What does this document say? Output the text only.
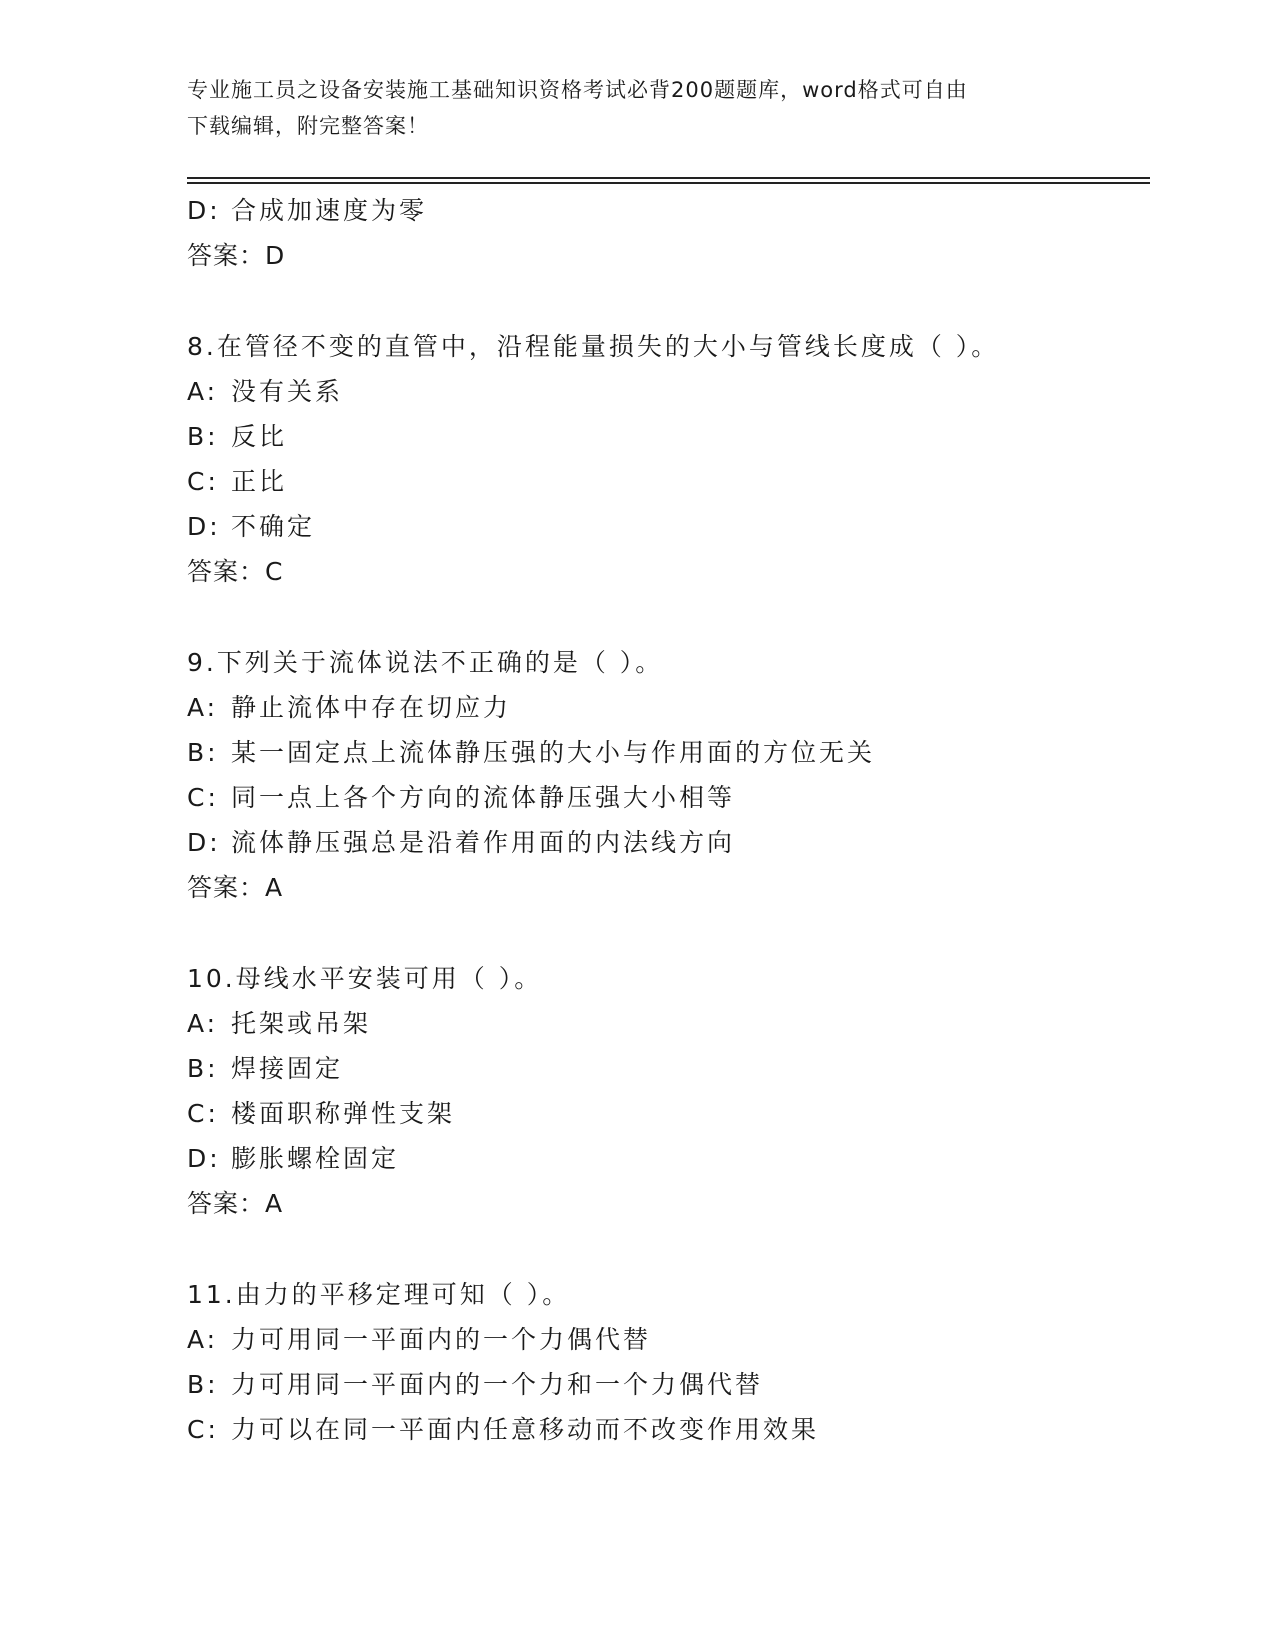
专业施工员之设备安装施工基础知识资格考试必背200题题库，word格式可自由
下载编辑，附完整答案！
D: 合成加速度为零
答案：D
8.在管径不变的直管中，沿程能量损失的大小与管线长度成（ ）。
A: 没有关系
B: 反比
C: 正比
D: 不确定
答案：C
9.下列关于流体说法不正确的是（ ）。
A: 静止流体中存在切应力
B: 某一固定点上流体静压强的大小与作用面的方位无关
C: 同一点上各个方向的流体静压强大小相等
D: 流体静压强总是沿着作用面的内法线方向
答案：A
10.母线水平安装可用（ ）。
A: 托架或吊架
B: 焊接固定
C: 楼面职称弹性支架
D: 膨胀螺栓固定
答案：A
11.由力的平移定理可知（ ）。
A: 力可用同一平面内的一个力偶代替
B: 力可用同一平面内的一个力和一个力偶代替
C: 力可以在同一平面内任意移动而不改变作用效果
